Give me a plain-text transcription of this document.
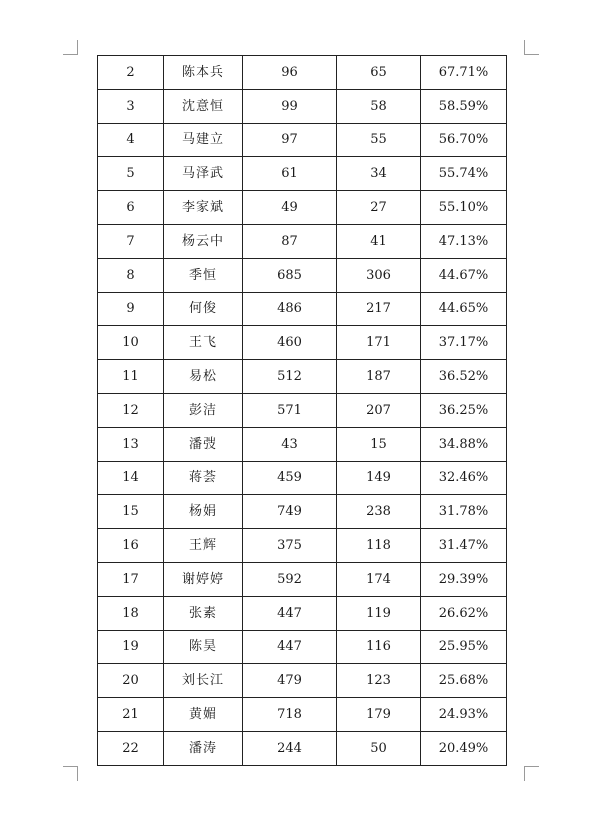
2	陈本兵	96	65	67.71%
3	沈意恒	99	58	58.59%
4	马建立	97	55	56.70%
5	马泽武	61	34	55.74%
6	李家斌	49	27	55.10%
7	杨云中	87	41	47.13%
8	季恒	685	306	44.67%
9	何俊	486	217	44.65%
10	王飞	460	171	37.17%
11	易松	512	187	36.52%
12	彭洁	571	207	36.25%
13	潘弢	43	15	34.88%
14	蒋荟	459	149	32.46%
15	杨娟	749	238	31.78%
16	王辉	375	118	31.47%
17	谢婷婷	592	174	29.39%
18	张素	447	119	26.62%
19	陈昊	447	116	25.95%
20	刘长江	479	123	25.68%
21	黄媚	718	179	24.93%
22	潘涛	244	50	20.49%
